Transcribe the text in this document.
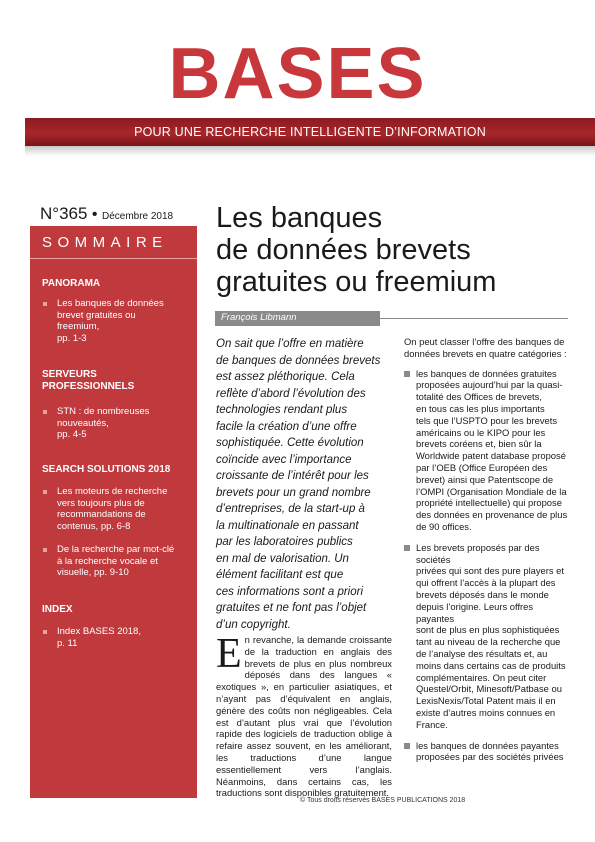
BASES
POUR UNE RECHERCHE INTELLIGENTE D’INFORMATION
N°365 • Décembre 2018
SOMMAIRE
PANORAMA
Les banques de données
brevet gratuites ou
freemium,
pp. 1-3
SERVEURS
PROFESSIONNELS
STN : de nombreuses
nouveautés,
pp. 4-5
SEARCH SOLUTIONS 2018
Les moteurs de recherche
vers toujours plus de
recommandations de
contenus, pp. 6-8
De la recherche par mot-clé
à la recherche vocale et
visuelle, pp. 9-10
INDEX
Index BASES 2018,
p. 11
Les banques
de données brevets
gratuites ou freemium
François Libmann
On sait que l’offre en matière
de banques de données brevets
est assez pléthorique. Cela
reflète d’abord l’évolution des
technologies rendant plus
facile la création d’une offre
sophistiquée. Cette évolution
coïncide avec l’importance
croissante de l’intérêt pour les
brevets pour un grand nombre
d’entreprises, de la start-up à
la multinationale en passant
par les laboratoires publics
en mal de valorisation. Un
élément facilitant est que
ces informations sont a priori
gratuites et ne font pas l’objet
d’un copyright.
En revanche, la demande croissante de la traduction en anglais des brevets de plus en plus nombreux déposés dans des langues « exotiques », en particulier asiatiques, et n’ayant pas d’équivalent en anglais, génère des coûts non négligeables. Cela est d’autant plus vrai que l’évolution rapide des logiciels de traduction oblige à refaire assez souvent, en les améliorant, les traductions d’une langue essentiellement vers l’anglais. Néanmoins, dans certains cas, les traductions sont disponibles gratuitement.
On peut classer l’offre des banques de
données brevets en quatre catégories :
les banques de données gratuites
proposées aujourd’hui par la quasi-
totalité des Offices de brevets,
en tous cas les plus importants
tels que l’USPTO pour les brevets
américains ou le KIPO pour les
brevets coréens et, bien sûr la
Worldwide patent database proposé
par l’OEB (Office Européen des
brevet) ainsi que Patentscope de
l’OMPI (Organisation Mondiale de la
propriété intellectuelle) qui propose
des données en provenance de plus
de 90 offices.
Les brevets proposés par des sociétés
privées qui sont des pure players et
qui offrent l’accès à la plupart des
brevets déposés dans le monde
depuis l’origine. Leurs offres payantes
sont de plus en plus sophistiquées
tant au niveau de la recherche que
de l’analyse des résultats et, au
moins dans certains cas de produits
complémentaires. On peut citer
Questel/Orbit, Minesoft/Patbase ou
LexisNexis/Total Patent mais il en
existe d’autres moins connues en
France.
les banques de données payantes
proposées par des sociétés privées
© Tous droits réservés BASES PUBLICATIONS 2018
